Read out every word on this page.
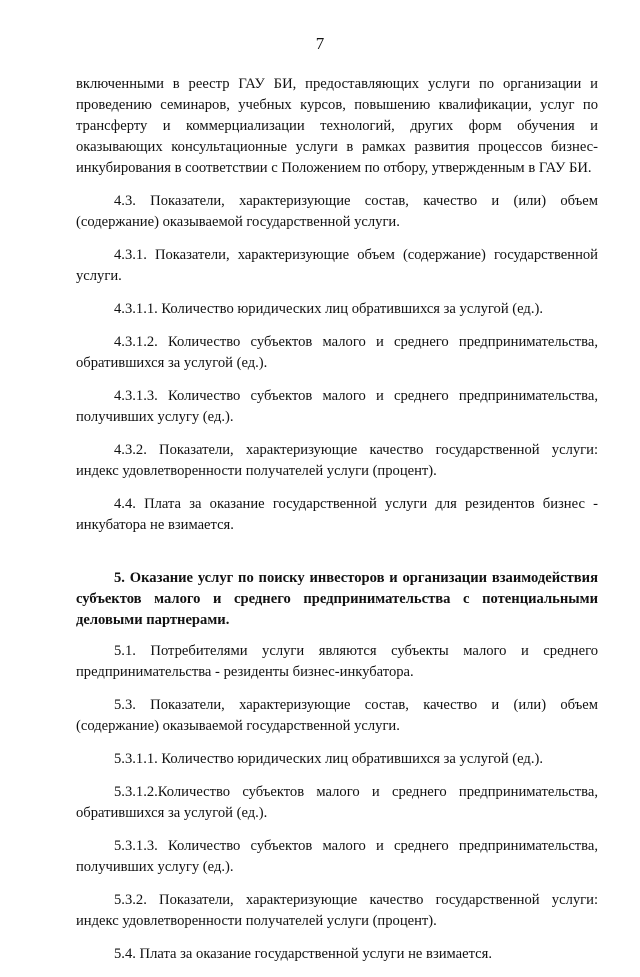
7

включенными в реестр ГАУ БИ, предоставляющих услуги по организации и проведению семинаров, учебных курсов, повышению квалификации, услуг по трансферту и коммерциализации технологий, других форм обучения и оказывающих консультационные услуги в рамках развития процессов бизнес-инкубирования в соответствии с Положением по отбору, утвержденным в ГАУ БИ.

4.3. Показатели, характеризующие состав, качество и (или) объем (содержание) оказываемой государственной услуги.

4.3.1. Показатели, характеризующие объем (содержание) государственной услуги.

4.3.1.1. Количество юридических лиц обратившихся за услугой (ед.).

4.3.1.2. Количество субъектов малого и среднего предпринимательства, обратившихся за услугой (ед.).

4.3.1.3. Количество субъектов малого и среднего предпринимательства, получивших услугу (ед.).

4.3.2. Показатели, характеризующие качество государственной услуги: индекс удовлетворенности получателей услуги (процент).

4.4. Плата за оказание государственной услуги для резидентов бизнес - инкубатора не взимается.

5. Оказание услуг по поиску инвесторов и организации взаимодействия субъектов малого и среднего предпринимательства с потенциальными деловыми партнерами.

5.1. Потребителями услуги являются субъекты малого и среднего предпринимательства - резиденты бизнес-инкубатора.

5.3. Показатели, характеризующие состав, качество и (или) объем (содержание) оказываемой государственной услуги.

5.3.1.1. Количество юридических лиц обратившихся за услугой (ед.).

5.3.1.2.Количество субъектов малого и среднего предпринимательства, обратившихся за услугой (ед.).

5.3.1.3. Количество субъектов малого и среднего предпринимательства, получивших услугу (ед.).

5.3.2. Показатели, характеризующие качество государственной услуги: индекс удовлетворенности получателей услуги (процент).

5.4. Плата за оказание государственной услуги не взимается.
